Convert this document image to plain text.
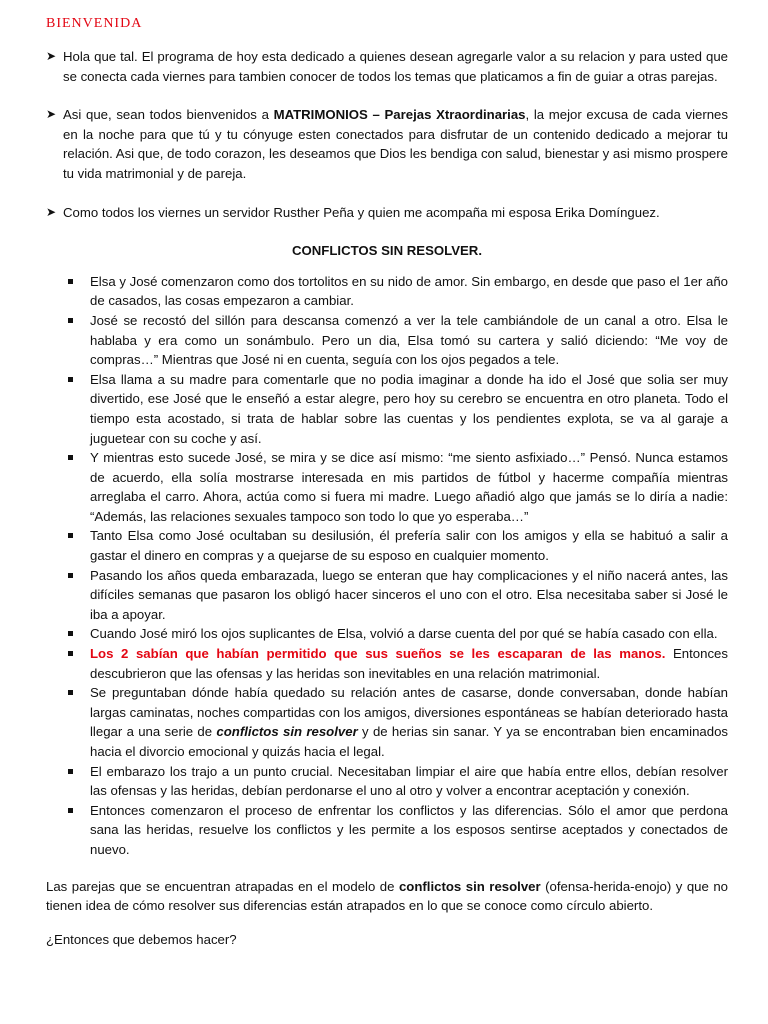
BIENVENIDA
➤ Hola que tal. El programa de hoy esta dedicado a quienes desean agregarle valor a su relacion y para usted que se conecta cada viernes para tambien conocer de todos los temas que platicamos a fin de guiar a otras parejas.
➤ Asi que, sean todos bienvenidos a MATRIMONIOS – Parejas Xtraordinarias, la mejor excusa de cada viernes en la noche para que tú y tu cónyuge esten conectados para disfrutar de un contenido dedicado a mejorar tu relación. Asi que, de todo corazon, les deseamos que Dios les bendiga con salud, bienestar y asi mismo prospere tu vida matrimonial y de pareja.
➤ Como todos los viernes un servidor Rusther Peña y quien me acompaña mi esposa Erika Domínguez.
CONFLICTOS SIN RESOLVER.
Elsa y José comenzaron como dos tortolitos en su nido de amor. Sin embargo, en desde que paso el 1er año de casados, las cosas empezaron a cambiar.
José se recostó del sillón para descansa comenzó a ver la tele cambiándole de un canal a otro. Elsa le hablaba y era como un sonámbulo. Pero un dia, Elsa tomó su cartera y salió diciendo: “Me voy de compras…” Mientras que José ni en cuenta, seguía con los ojos pegados a tele.
Elsa llama a su madre para comentarle que no podia imaginar a donde ha ido el José que solia ser muy divertido, ese José que le enseñó a estar alegre, pero hoy su cerebro se encuentra en otro planeta. Todo el tiempo esta acostado, si trata de hablar sobre las cuentas y los pendientes explota, se va al garaje a juguetear con su coche y así.
Y mientras esto sucede José, se mira y se dice así mismo: “me siento asfixiado…” Pensó. Nunca estamos de acuerdo, ella solía mostrarse interesada en mis partidos de fútbol y hacerme compañía mientras arreglaba el carro. Ahora, actúa como si fuera mi madre. Luego añadió algo que jamás se lo diría a nadie: “Además, las relaciones sexuales tampoco son todo lo que yo esperaba…”
Tanto Elsa como José ocultaban su desilusión, él prefería salir con los amigos y ella se habituó a salir a gastar el dinero en compras y a quejarse de su esposo en cualquier momento.
Pasando los años queda embarazada, luego se enteran que hay complicaciones y el niño nacerá antes, las difíciles semanas que pasaron los obligó hacer sinceros el uno con el otro. Elsa necesitaba saber si José le iba a apoyar.
Cuando José miró los ojos suplicantes de Elsa, volvió a darse cuenta del por qué se había casado con ella.
Los 2 sabían que habían permitido que sus sueños se les escaparan de las manos. Entonces descubrieron que las ofensas y las heridas son inevitables en una relación matrimonial.
Se preguntaban dónde había quedado su relación antes de casarse, donde conversaban, donde habían largas caminatas, noches compartidas con los amigos, diversiones espontáneas se habían deteriorado hasta llegar a una serie de conflictos sin resolver y de herias sin sanar. Y ya se encontraban bien encaminados hacia el divorcio emocional y quizás hacia el legal.
El embarazo los trajo a un punto crucial. Necesitaban limpiar el aire que había entre ellos, debían resolver las ofensas y las heridas, debían perdonarse el uno al otro y volver a encontrar aceptación y conexión.
Entonces comenzaron el proceso de enfrentar los conflictos y las diferencias. Sólo el amor que perdona sana las heridas, resuelve los conflictos y les permite a los esposos sentirse aceptados y conectados de nuevo.
Las parejas que se encuentran atrapadas en el modelo de conflictos sin resolver (ofensa-herida-enojo) y que no tienen idea de cómo resolver sus diferencias están atrapados en lo que se conoce como círculo abierto.
¿Entonces que debemos hacer?
